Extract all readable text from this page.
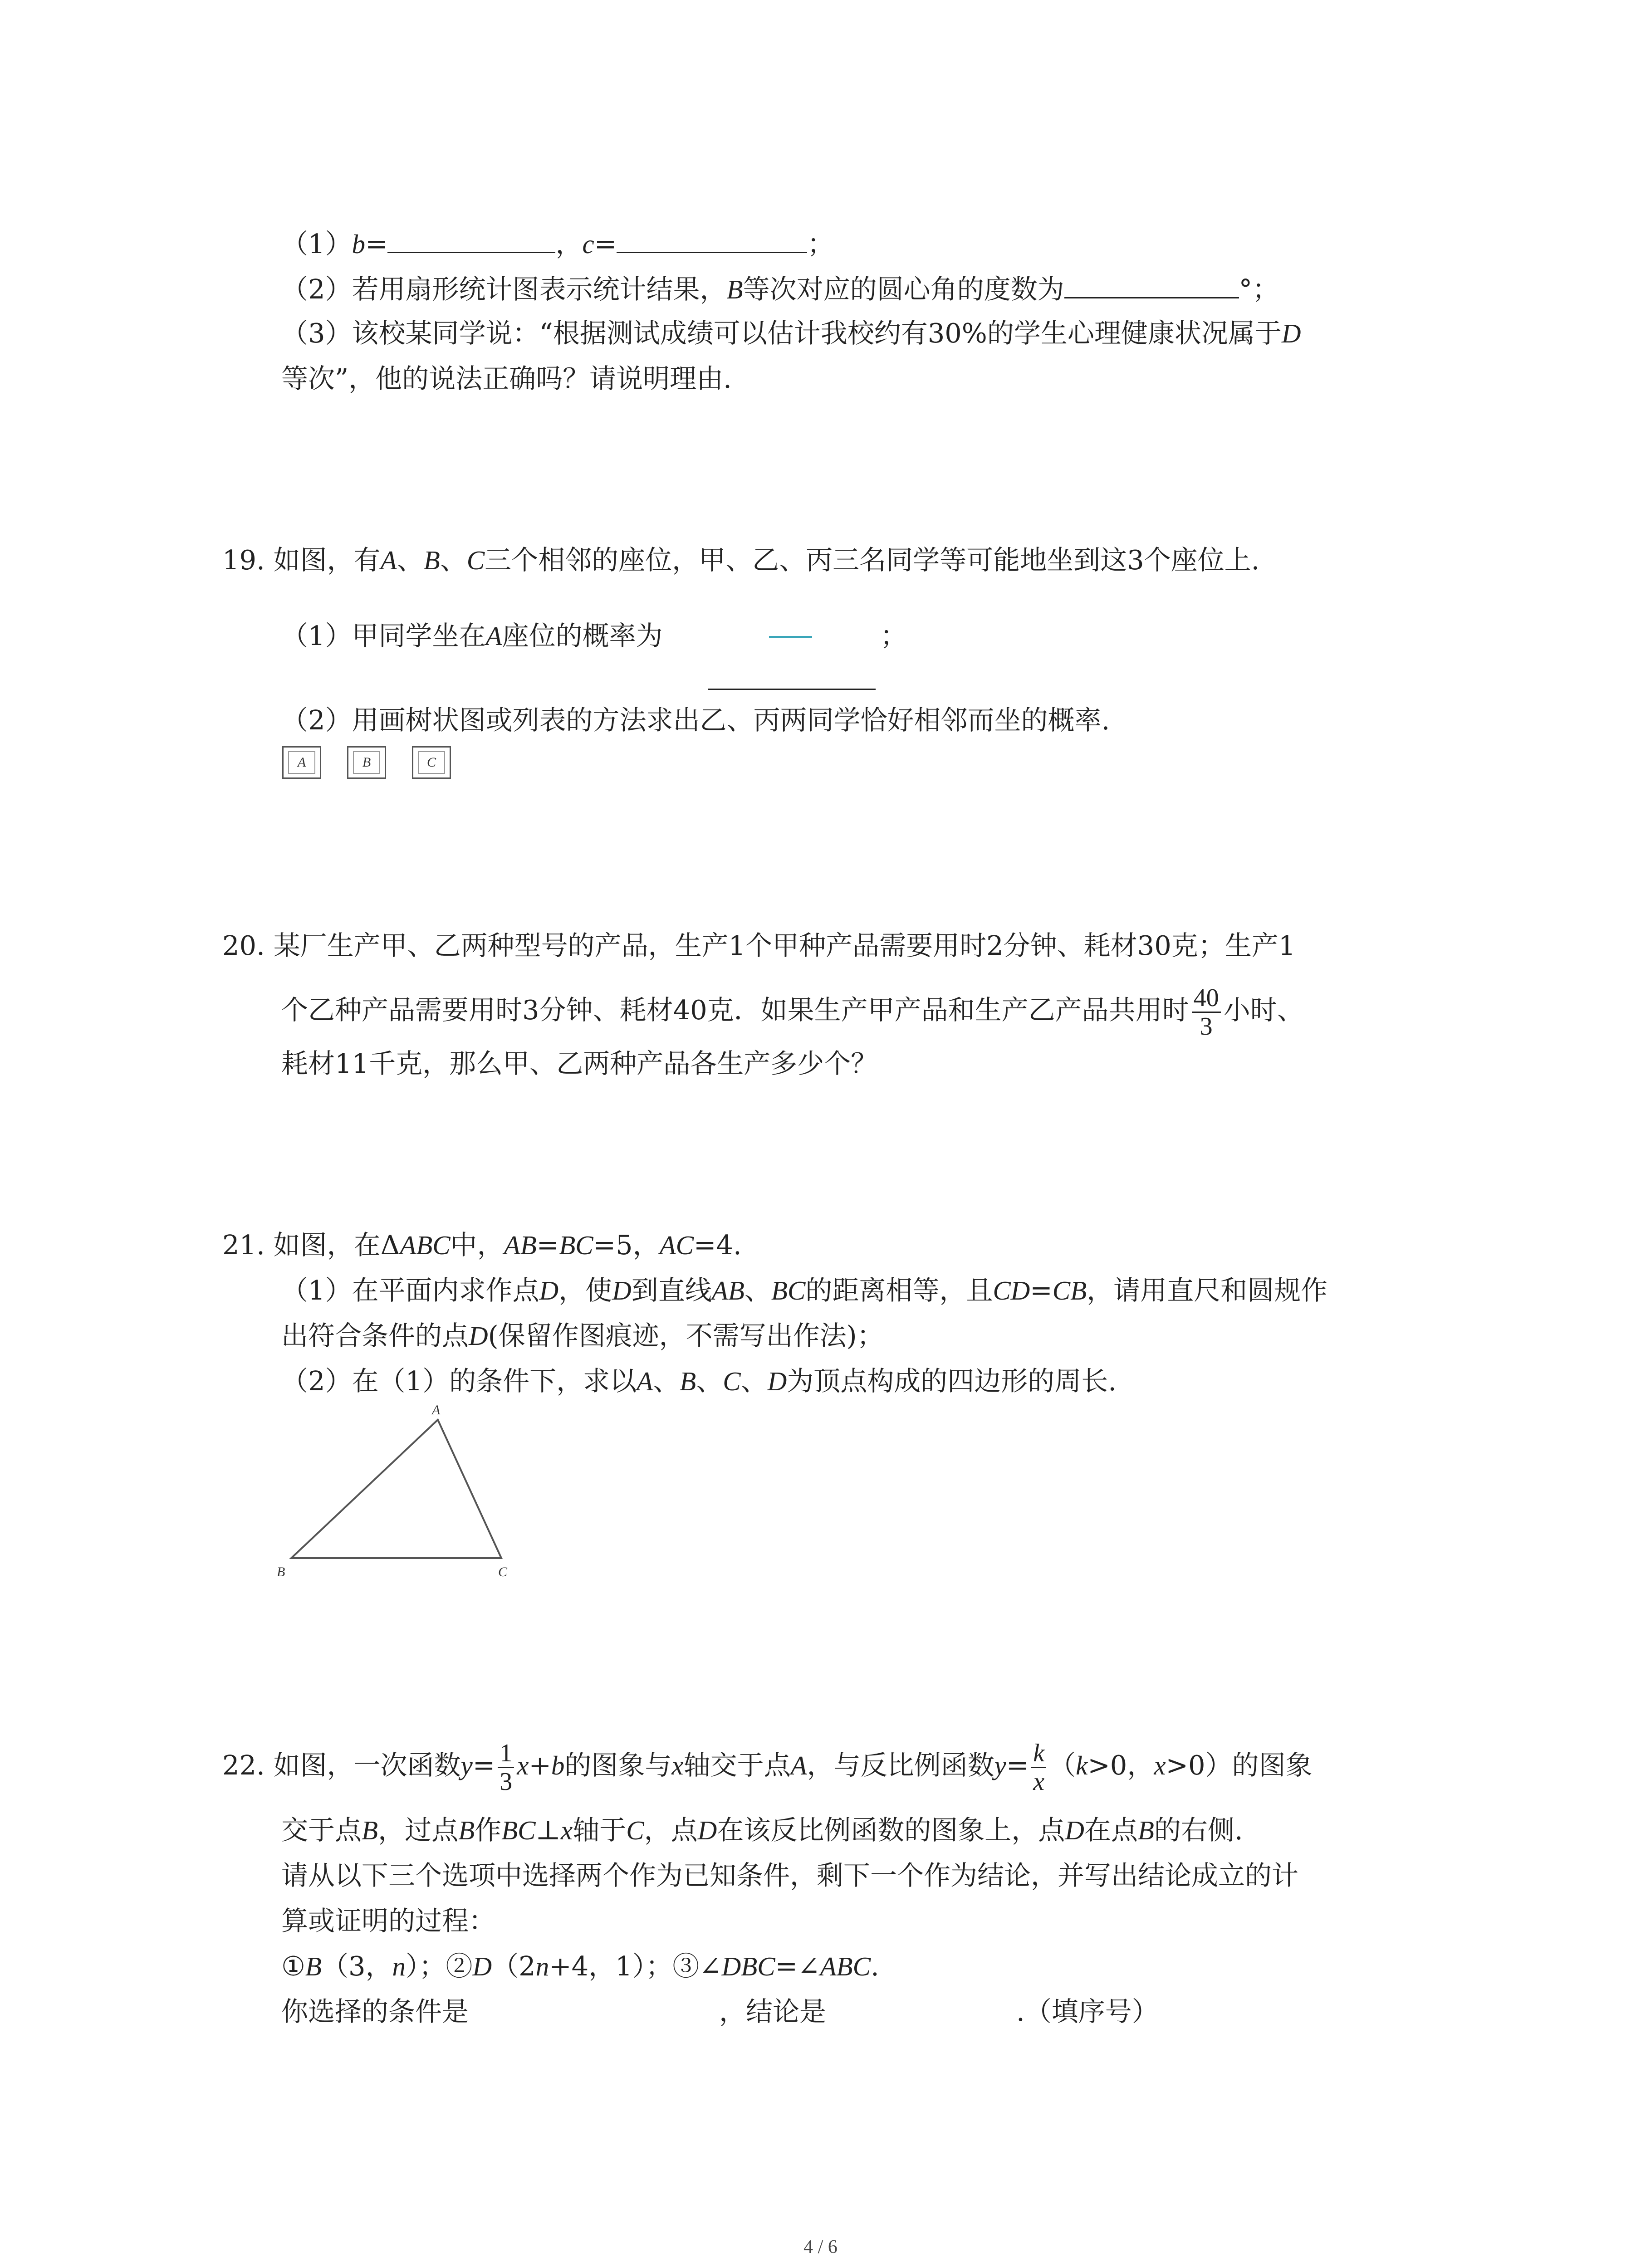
（1）b=	，c=	；
（2）若用扇形统计图表示统计结果，B等次对应的圆心角的度数为	°；
（3）该校某同学说：“根据测试成绩可以估计我校约有30%的学生心理健康状况属于D
等次”，他的说法正确吗？请说明理由.
19. 如图，有A、B、C三个相邻的座位，甲、乙、丙三名同学等可能地坐到这3个座位上.
（1）甲同学坐在A座位的概率为	；
（2）用画树状图或列表的方法求出乙、丙两同学恰好相邻而坐的概率.
A	B	C
20. 某厂生产甲、乙两种型号的产品，生产1个甲种产品需要用时2分钟、耗材30克；生产1
个乙种产品需要用时3分钟、耗材40克．如果生产甲产品和生产乙产品共用时 $\frac{40}{3}$ 小时、
耗材11千克，那么甲、乙两种产品各生产多少个？
21. 如图，在ΔABC中，AB=BC=5，AC=4.
（1）在平面内求作点D，使D到直线AB、BC的距离相等，且CD=CB，请用直尺和圆规作
出符合条件的点D(保留作图痕迹，不需写出作法)；
（2）在（1）的条件下，求以A、B、C、D为顶点构成的四边形的周长.
A
B	C
22. 如图，一次函数$y= \frac{1}{3} x+b$的图象与x轴交于点A，与反比例函数$y= \frac{k}{x} (k>0$，x>0）的图象
交于点B，过点B作BC⊥x轴于C，点D在该反比例函数的图象上，点D在点B的右侧.
请从以下三个选项中选择两个作为已知条件，剩下一个作为结论，并写出结论成立的计
算或证明的过程：
①B（3，n）；②D（2n+4，1）；③∠DBC=∠ABC.
你选择的条件是	，结论是	.（填序号）
4 / 6
